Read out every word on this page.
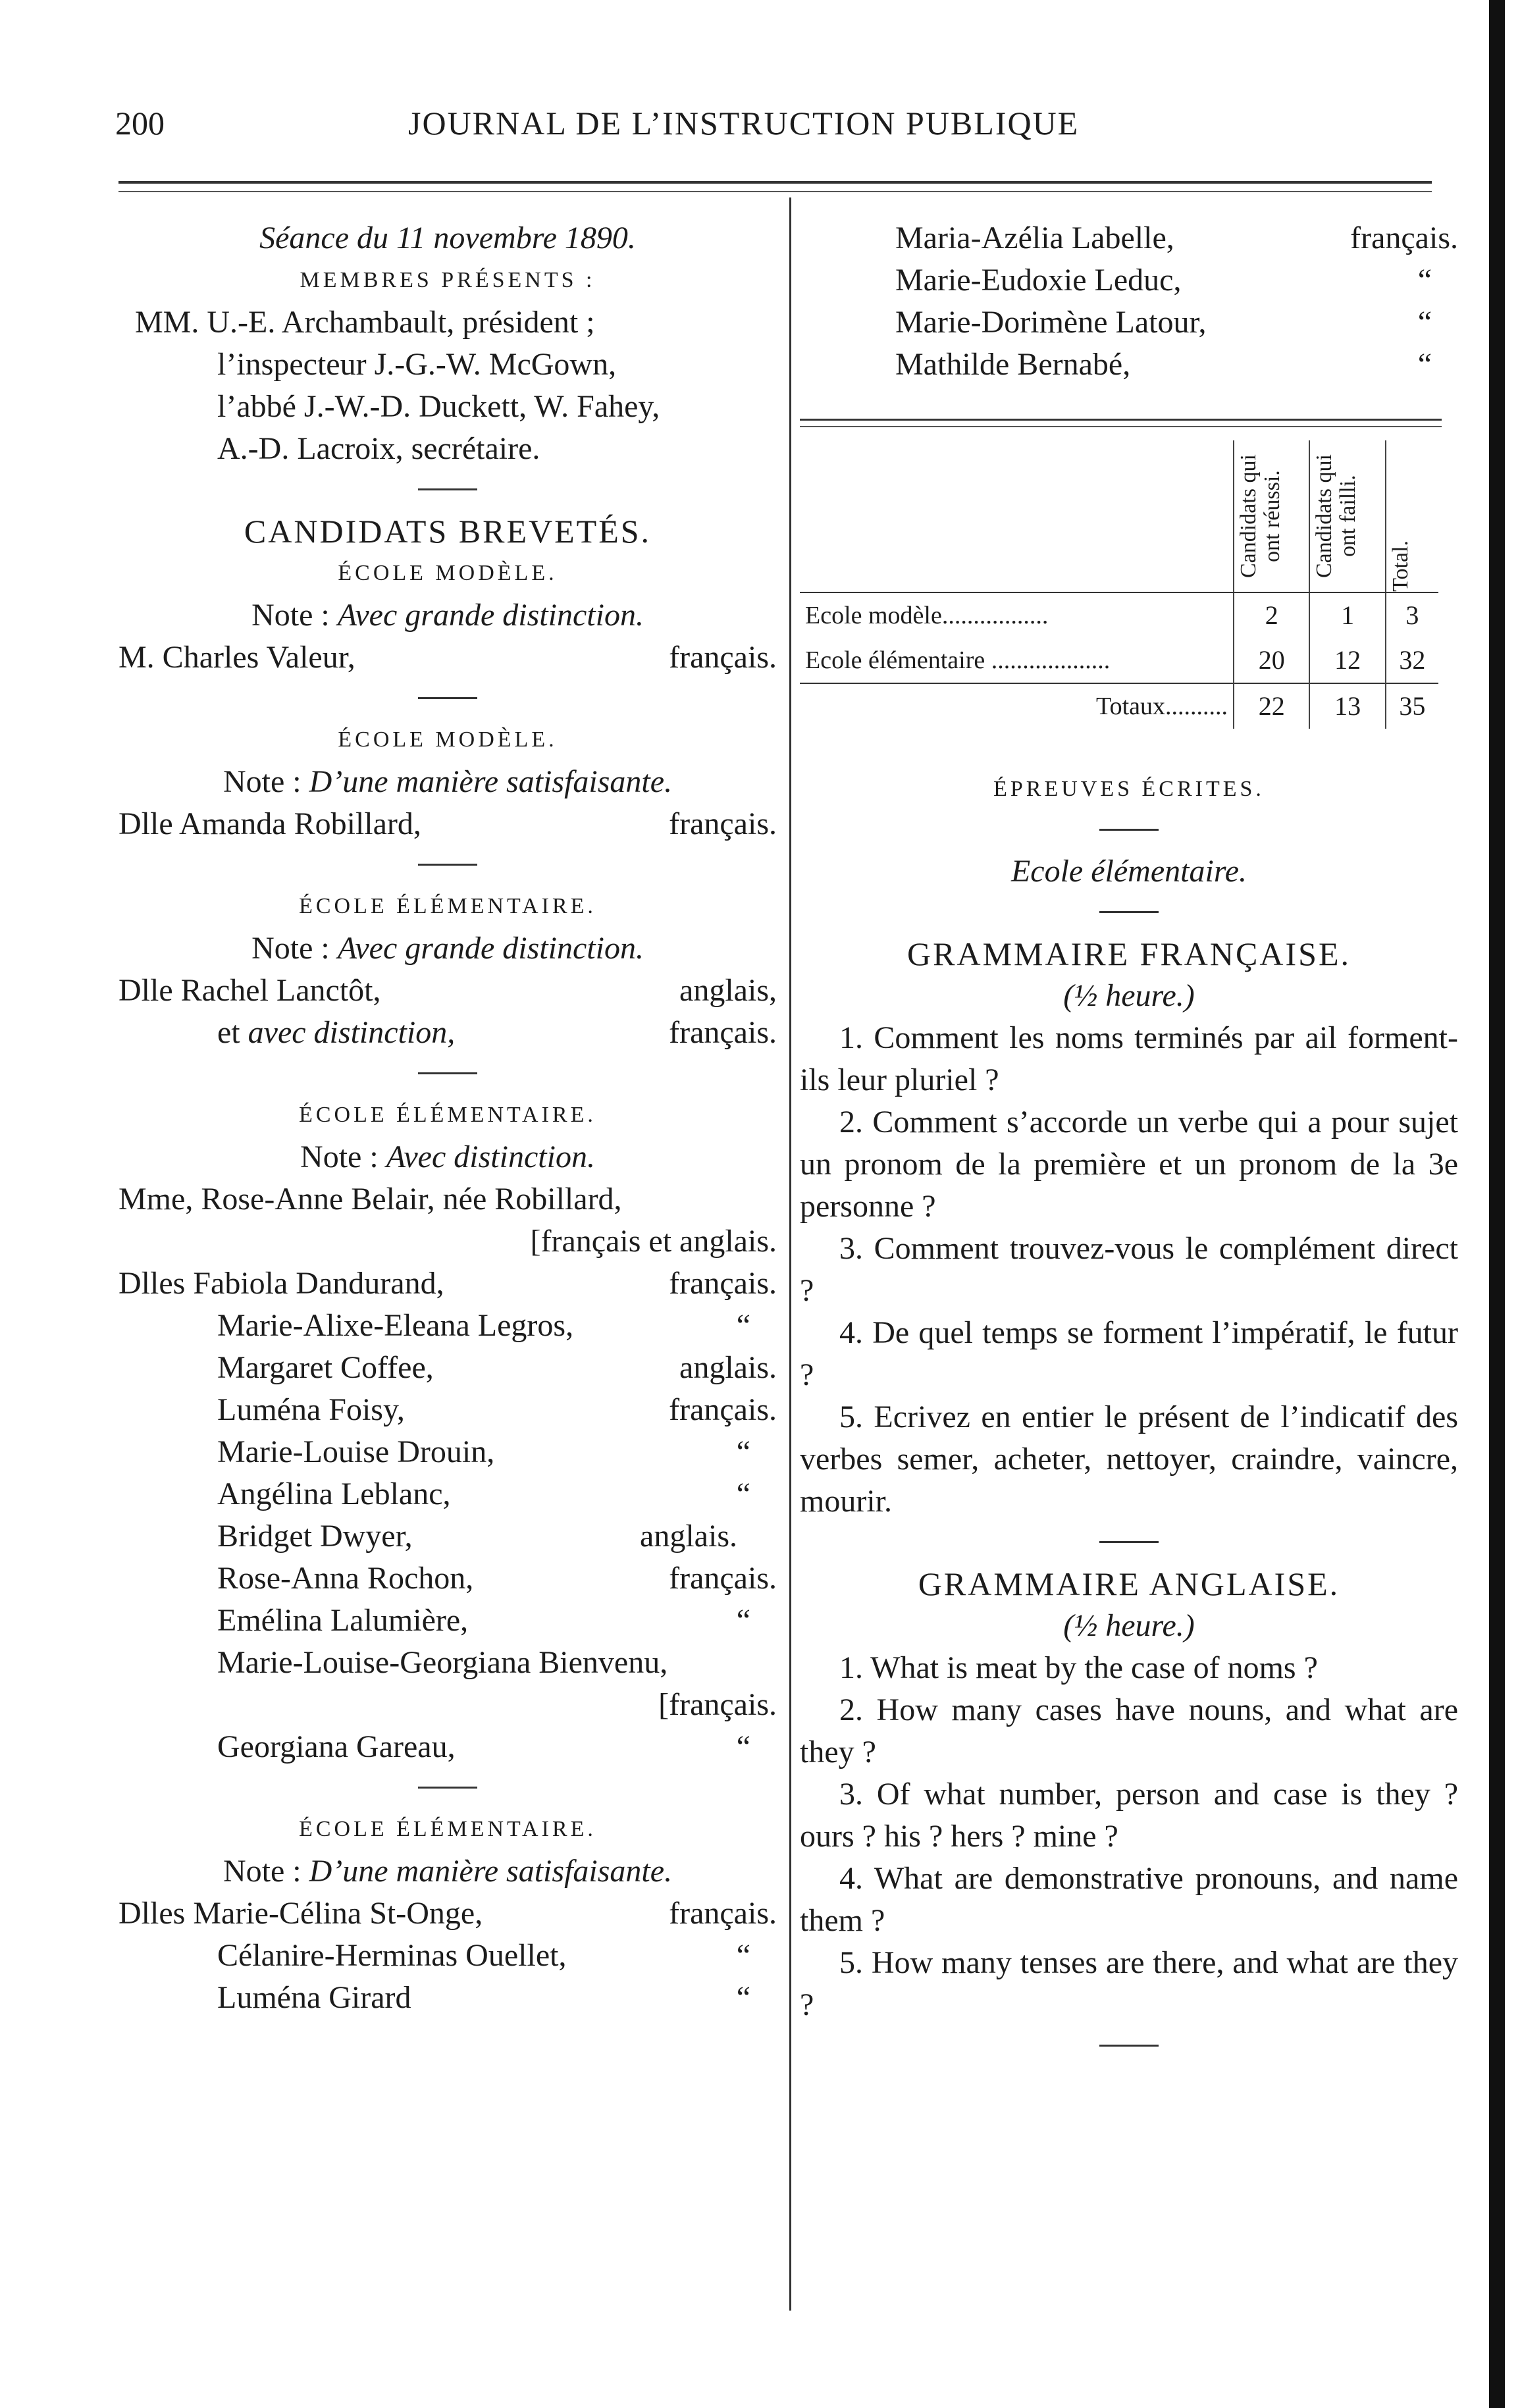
200	JOURNAL DE L’INSTRUCTION PUBLIQUE
Séance du 11 novembre 1890.
MEMBRES PRÉSENTS :
MM. U.-E. Archambault, président ;
l’inspecteur J.-G.-W. McGown,
l’abbé J.-W.-D. Duckett, W. Fahey,
A.-D. Lacroix, secrétaire.
CANDIDATS BREVETÉS.
ÉCOLE MODÈLE.
Note : Avec grande distinction.
M. Charles Valeur,	français.
ÉCOLE MODÈLE.
Note : D’une manière satisfaisante.
Dlle Amanda Robillard,	français.
ÉCOLE ÉLÉMENTAIRE.
Note : Avec grande distinction.
Dlle Rachel Lanctôt,	anglais,
et avec distinction,	français.
ÉCOLE ÉLÉMENTAIRE.
Note : Avec distinction.
Mme, Rose-Anne Belair, née Robillard,
[français et anglais.
Dlles Fabiola Dandurand,	français.
Marie-Alixe-Eleana Legros,	“
Margaret Coffee,	anglais.
Luména Foisy,	français.
Marie-Louise Drouin,	“
Angélina Leblanc,	“
Bridget Dwyer,	anglais.
Rose-Anna Rochon,	français.
Emélina Lalumière,	“
Marie-Louise-Georgiana Bienvenu,
[français.
Georgiana Gareau,	“
ÉCOLE ÉLÉMENTAIRE.
Note : D’une manière satisfaisante.
Dlles Marie-Célina St-Onge,	français.
Célanire-Herminas Ouellet,	“
Luména Girard	“
Maria-Azélia Labelle,	français.
Marie-Eudoxie Leduc,	“
Marie-Dorimène Latour,	“
Mathilde Bernabé,	“

	Candidats qui ont réussi.	Candidats qui ont failli.	Total.

Ecole modèle.................	2	1	3
Ecole élémentaire ...................	20	12	32
Totaux..........	22	13	35
ÉPREUVES ÉCRITES.
Ecole élémentaire.
GRAMMAIRE FRANÇAISE.
(½ heure.)
1. Comment les noms terminés par ail forment-ils leur pluriel ?
2. Comment s’accorde un verbe qui a pour sujet un pronom de la première et un pronom de la 3e personne ?
3. Comment trouvez-vous le complément direct ?
4. De quel temps se forment l’impératif, le futur ?
5. Ecrivez en entier le présent de l’indicatif des verbes semer, acheter, nettoyer, craindre, vaincre, mourir.
GRAMMAIRE ANGLAISE.
(½ heure.)
1. What is meat by the case of noms ?
2. How many cases have nouns, and what are they ?
3. Of what number, person and case is they ? ours ? his ? hers ? mine ?
4. What are demonstrative pronouns, and name them ?
5. How many tenses are there, and what are they ?
